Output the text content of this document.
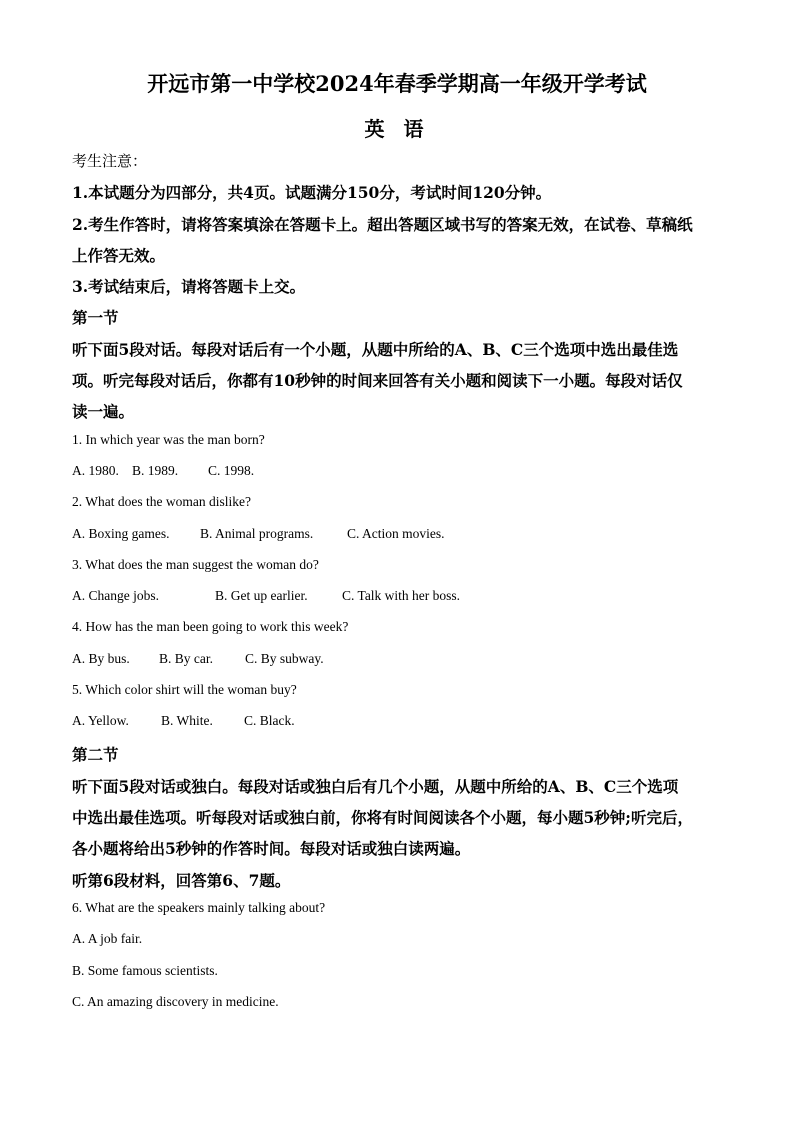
开远市第一中学校2024年春季学期高一年级开学考试
英 语
考生注意：
1.本试题分为四部分，共4页。试题满分150分，考试时间120分钟。
2.考生作答时，请将答案填涂在答题卡上。超出答题区域书写的答案无效，在试卷、草稿纸
上作答无效。
3.考试结束后，请将答题卡上交。
第一节
听下面5段对话。每段对话后有一个小题，从题中所给的A、B、C三个选项中选出最佳选
项。听完每段对话后，你都有10秒钟的时间来回答有关小题和阅读下一小题。每段对话仅
读一遍。
1. In which year was the man born?
A. 1980. B. 1989. C. 1998.
2. What does the woman dislike?
A. Boxing games. B. Animal programs.	C. Action movies.
3. What does the man suggest the woman do?
A. Change jobs.	B. Get up earlier.	C. Talk with her boss.
4. How has the man been going to work this week?
A. By bus. B. By car. C. By subway.
5. Which color shirt will the woman buy?
A. Yellow. B. White. C. Black.
第二节
听下面5段对话或独白。每段对话或独白后有几个小题，从题中所给的A、B、C三个选项
中选出最佳选项。听每段对话或独白前，你将有时间阅读各个小题，每小题5秒钟;听完后，
各小题将给出5秒钟的作答时间。每段对话或独白读两遍。
听第6段材料，回答第6、7题。
6. What are the speakers mainly talking about?
A. A job fair.
B. Some famous scientists.
C. An amazing discovery in medicine.
